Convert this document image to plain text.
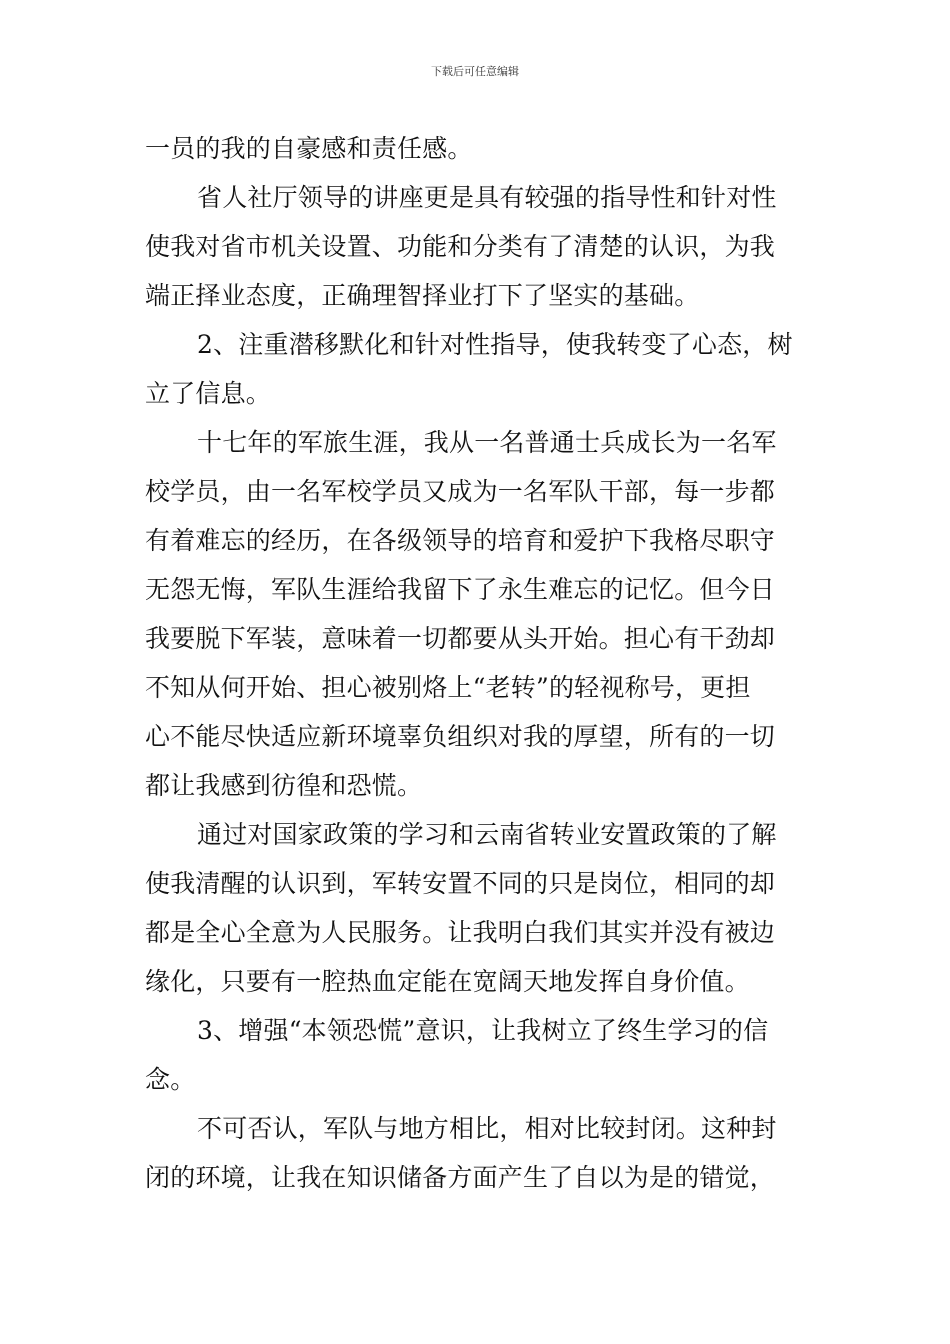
下载后可任意编辑
一员的我的自豪感和责任感。
省人社厅领导的讲座更是具有较强的指导性和针对性
使我对省市机关设置、功能和分类有了清楚的认识，为我
端正择业态度，正确理智择业打下了坚实的基础。
2、注重潜移默化和针对性指导，使我转变了心态，树
立了信息。
十七年的军旅生涯，我从一名普通士兵成长为一名军
校学员，由一名军校学员又成为一名军队干部，每一步都
有着难忘的经历，在各级领导的培育和爱护下我格尽职守
无怨无悔，军队生涯给我留下了永生难忘的记忆。但今日
我要脱下军装，意味着一切都要从头开始。担心有干劲却
不知从何开始、担心被别烙上“老转”的轻视称号，更担
心不能尽快适应新环境辜负组织对我的厚望，所有的一切
都让我感到彷徨和恐慌。
通过对国家政策的学习和云南省转业安置政策的了解
使我清醒的认识到，军转安置不同的只是岗位，相同的却
都是全心全意为人民服务。让我明白我们其实并没有被边
缘化，只要有一腔热血定能在宽阔天地发挥自身价值。
3、增强“本领恐慌”意识，让我树立了终生学习的信
念。
不可否认，军队与地方相比，相对比较封闭。这种封
闭的环境，让我在知识储备方面产生了自以为是的错觉，
